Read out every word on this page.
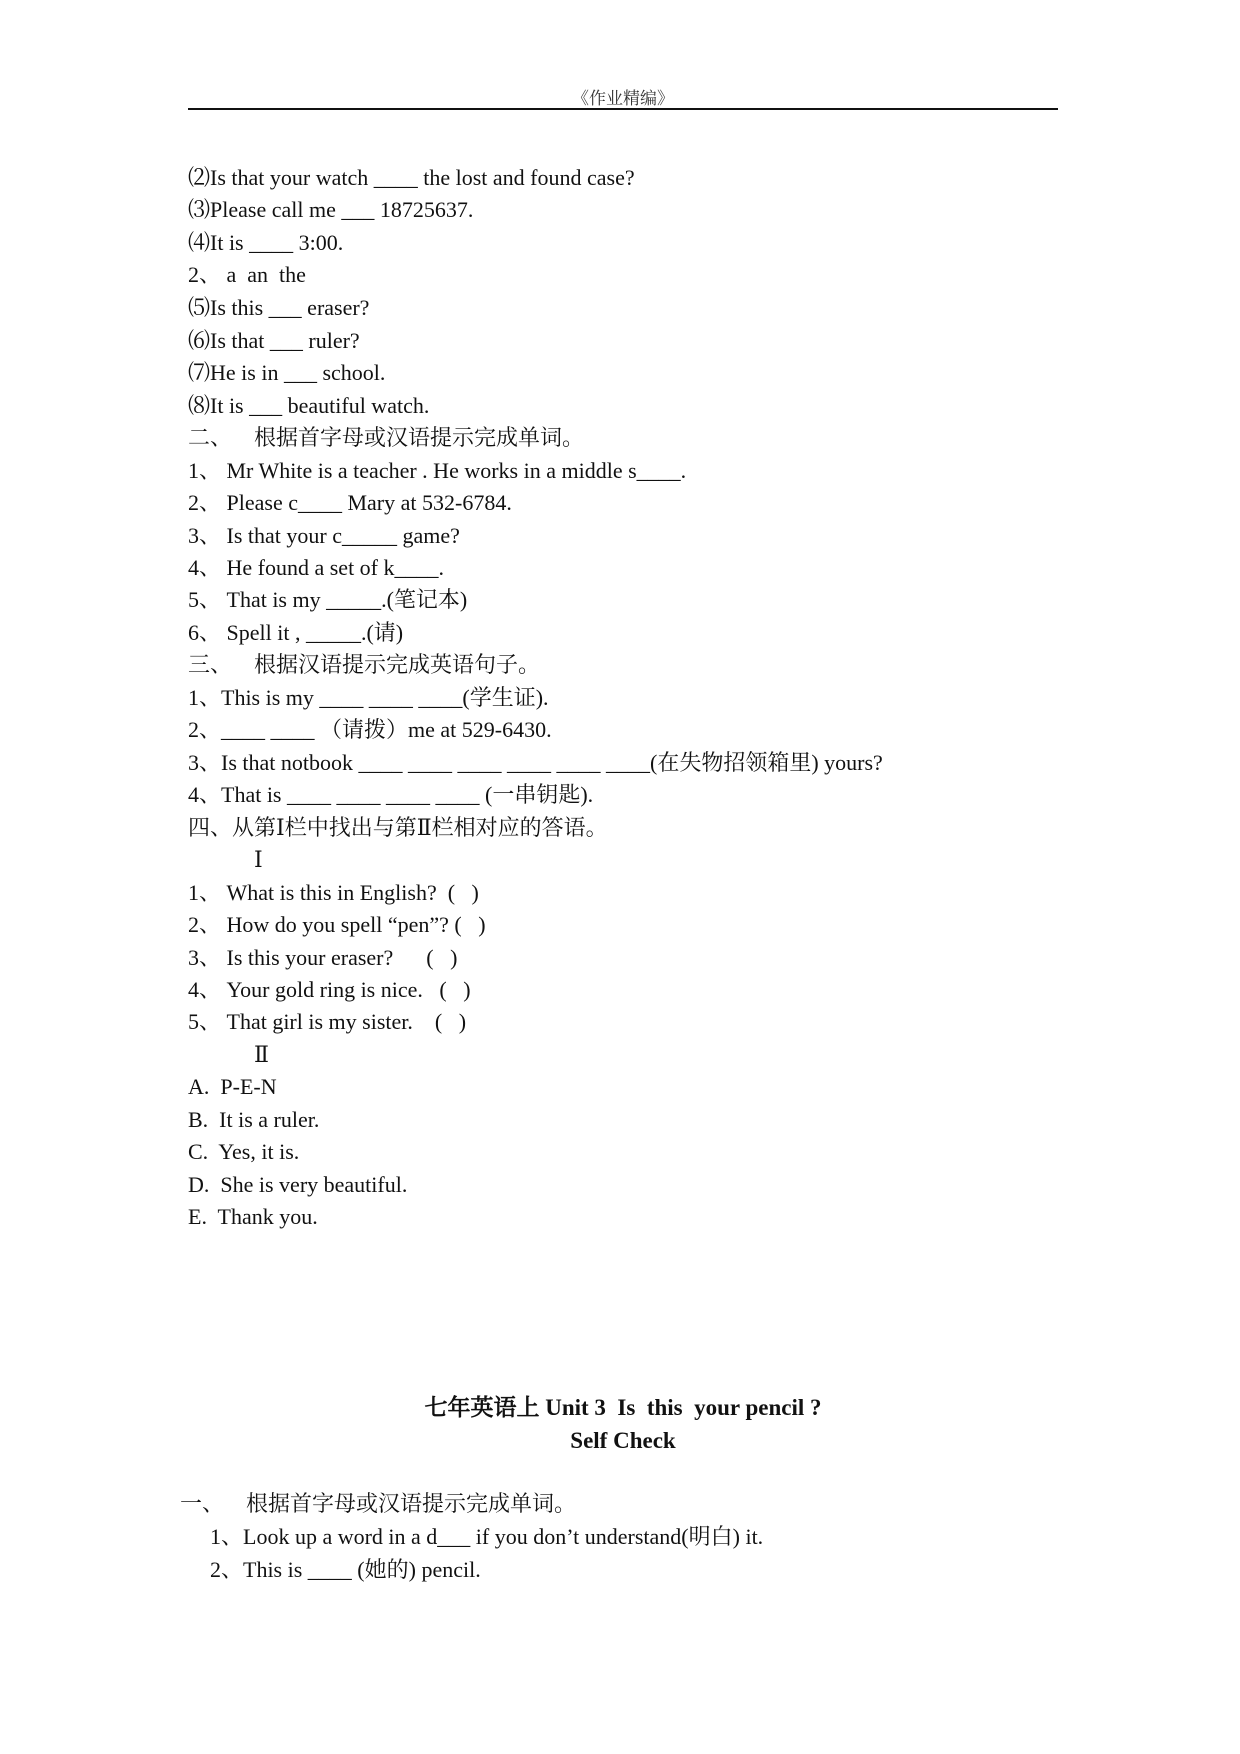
《作业精编》
⑵Is that your watch ____ the lost and found case?
⑶Please call me ___ 18725637.
⑷It is ____ 3:00.
2、 a  an  the
⑸Is this ___ eraser?
⑹Is that ___ ruler?
⑺He is in ___ school.
⑻It is ___ beautiful watch.
二、    根据首字母或汉语提示完成单词。
1、 Mr White is a teacher . He works in a middle s____.
2、 Please c____ Mary at 532-6784.
3、 Is that your c_____ game?
4、 He found a set of k____.
5、 That is my _____.(笔记本)
6、 Spell it , _____.(请)
三、    根据汉语提示完成英语句子。
1、This is my ____ ____ ____(学生证).
2、____ ____ （请拨）me at 529-6430.
3、Is that notbook ____ ____ ____ ____ ____ ____(在失物招领箱里) yours?
4、That is ____ ____ ____ ____ (一串钥匙).
四、从第Ⅰ栏中找出与第Ⅱ栏相对应的答语。
Ⅰ
1、 What is this in English?  (   )
2、 How do you spell “pen”? (   )
3、 Is this your eraser?      (   )
4、 Your gold ring is nice.   (   )
5、 That girl is my sister.    (   )
Ⅱ
A.  P-E-N
B.  It is a ruler.
C.  Yes, it is.
D.  She is very beautiful.
E.  Thank you.
七年英语上 Unit 3  Is  this  your pencil ?
Self Check
一、    根据首字母或汉语提示完成单词。
1、Look up a word in a d___ if you don’t understand(明白) it.
2、This is ____ (她的) pencil.
